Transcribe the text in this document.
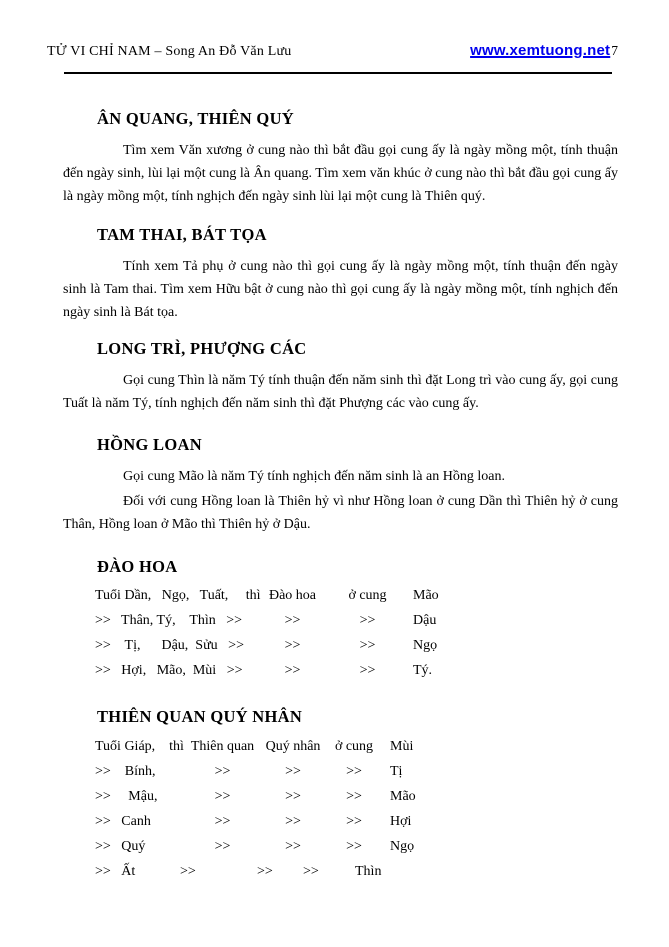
TỬ VI CHỈ NAM – Song An Đỗ Văn Lưu	www.xemtuong.net 7
ÂN QUANG, THIÊN QUÝ

Tìm xem Văn xương ở cung nào thì bắt đầu gọi cung ấy là ngày mồng một, tính thuận đến ngày sinh, lùi lại một cung là Ân quang. Tìm xem văn khúc ở cung nào thì bắt đầu gọi cung ấy là ngày mồng một, tính nghịch đến ngày sinh lùi lại một cung là Thiên quý.

TAM THAI, BÁT TỌA

Tính xem Tả phụ ở cung nào thì gọi cung ấy là ngày mồng một, tính thuận đến ngày sinh là Tam thai. Tìm xem Hữu bật ở cung nào thì gọi cung ấy là ngày mồng một, tính nghịch đến ngày sinh là Bát tọa.

LONG TRÌ, PHƯỢNG CÁC

Gọi cung Thìn là năm Tý tính thuận đến năm sinh thì đặt Long trì vào cung ấy, gọi cung Tuất là năm Tý, tính nghịch đến năm sinh thì đặt Phượng các vào cung ấy.

HỒNG LOAN

Gọi cung Mão là năm Tý tính nghịch đến năm sinh là an Hồng loan.

Đối với cung Hồng loan là Thiên hỷ vì như Hồng loan ở cung Dần thì Thiên hỷ ở cung Thân, Hồng loan ở Mão thì Thiên hỷ ở Dậu.

ĐÀO HOA
Tuổi Dần,   Ngọ,   Tuất,     thì Đào hoa	ở cung	Mão
>>   Thân, Tý,    Thìn   >>	>>	>>	Dậu
>>    Tị,      Dậu,  Sửu   >>	>>	>>	Ngọ
>>   Hợi,   Mão,  Mùi   >>	>>	>>	Tý.
THIÊN QUAN QUÝ NHÂN
Tuổi Giáp,    thì Thiên quan Quý nhân	ở cung	Mùi
>>    Bính,	>>	>>	>>	Tị
>>     Mậu,	>>	>>	>>	Mão
>>   Canh	>>	>>	>>	Hợi
>>   Quý	>>	>>	>>	Ngọ
>>   Ất	>>	>>	>>	Thìn
